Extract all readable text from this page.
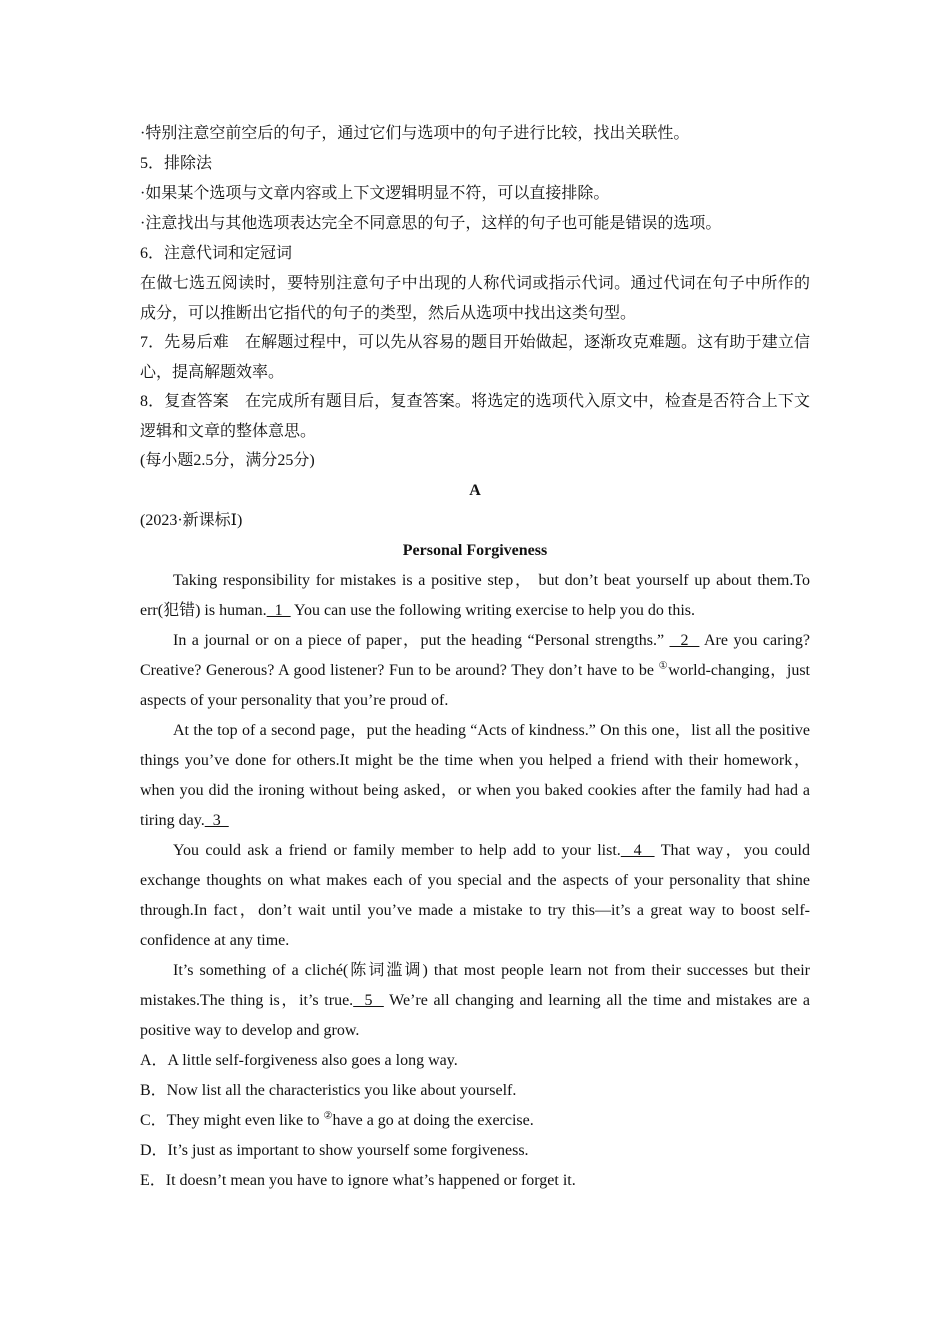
·特别注意空前空后的句子，通过它们与选项中的句子进行比较，找出关联性。

5．排除法

·如果某个选项与文章内容或上下文逻辑明显不符，可以直接排除。

·注意找出与其他选项表达完全不同意思的句子，这样的句子也可能是错误的选项。

6．注意代词和定冠词

在做七选五阅读时，要特别注意句子中出现的人称代词或指示代词。通过代词在句子中所作的成分，可以推断出它指代的句子的类型，然后从选项中找出这类句型。

7．先易后难　在解题过程中，可以先从容易的题目开始做起，逐渐攻克难题。这有助于建立信心，提高解题效率。

8．复查答案　在完成所有题目后，复查答案。将选定的选项代入原文中，检查是否符合上下文逻辑和文章的整体意思。

(每小题2.5分，满分25分)

A

(2023·新课标Ⅰ)

Personal Forgiveness

Taking responsibility for mistakes is a positive step， but don’t beat yourself up about them.To err(犯错) is human.  1   You can use the following writing exercise to help you do this.

In a journal or on a piece of paper，put the heading “Personal strengths.”   2   Are you caring? Creative? Generous? A good listener? Fun to be around? They don’t have to be ①world-changing，just aspects of your personality that you’re proud of.

At the top of a second page，put the heading “Acts of kindness.” On this one，list all the positive things you’ve done for others.It might be the time when you helped a friend with their homework，when you did the ironing without being asked，or when you baked cookies after the family had had a tiring day.  3

You could ask a friend or family member to help add to your list.  4   That way，you could exchange thoughts on what makes each of you special and the aspects of your personality that shine through.In fact，don’t wait until you’ve made a mistake to try this—it’s a great way to boost self-confidence at any time.

It’s something of a cliché(陈词滥调) that most people learn not from their successes but their mistakes.The thing is，it’s true.  5   We’re all changing and learning all the time and mistakes are a positive way to develop and grow.

A．A little self-forgiveness also goes a long way.

B．Now list all the characteristics you like about yourself.

C．They might even like to ②have a go at doing the exercise.

D．It’s just as important to show yourself some forgiveness.

E．It doesn’t mean you have to ignore what’s happened or forget it.
